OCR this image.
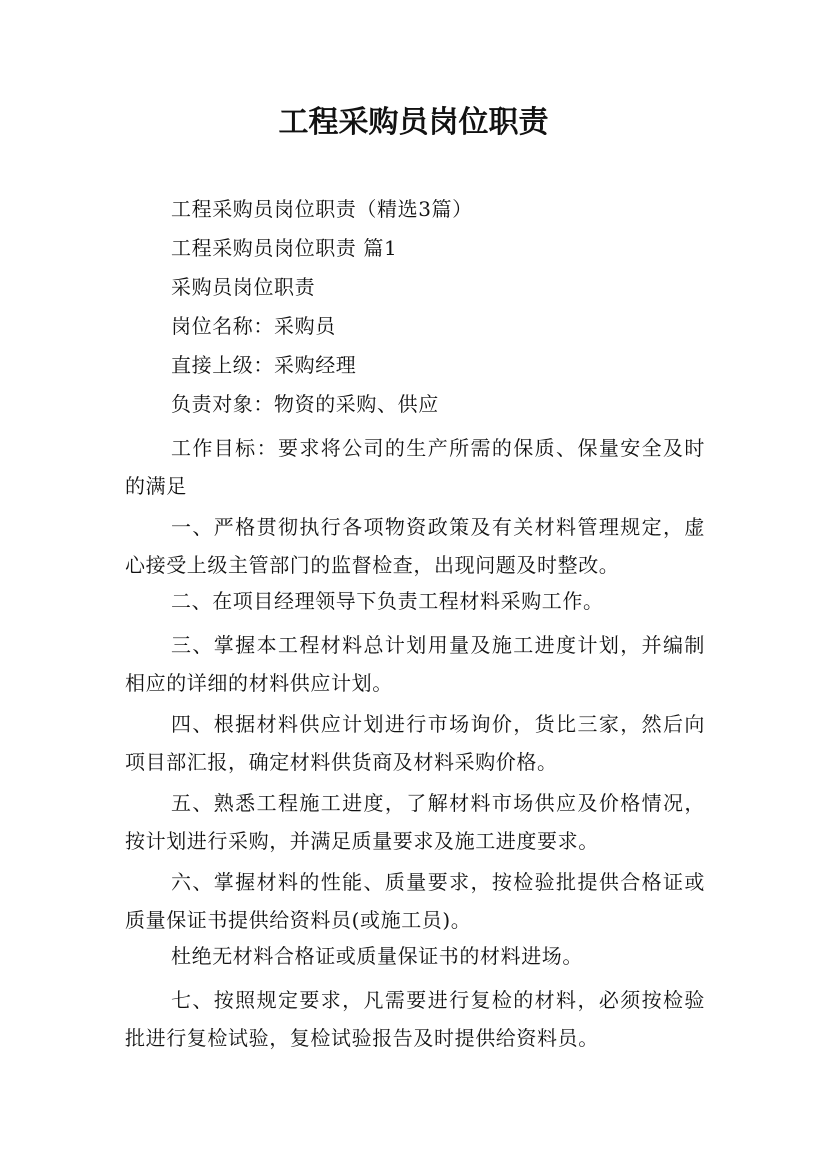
工程采购员岗位职责

工程采购员岗位职责（精选3篇）

工程采购员岗位职责 篇1

采购员岗位职责

岗位名称：采购员

直接上级：采购经理

负责对象：物资的采购、供应

工作目标：要求将公司的生产所需的保质、保量安全及时的满足

一、严格贯彻执行各项物资政策及有关材料管理规定，虚心接受上级主管部门的监督检查，出现问题及时整改。

二、在项目经理领导下负责工程材料采购工作。

三、掌握本工程材料总计划用量及施工进度计划，并编制相应的详细的材料供应计划。

四、根据材料供应计划进行市场询价，货比三家，然后向项目部汇报，确定材料供货商及材料采购价格。

五、熟悉工程施工进度，了解材料市场供应及价格情况，按计划进行采购，并满足质量要求及施工进度要求。

六、掌握材料的性能、质量要求，按检验批提供合格证或质量保证书提供给资料员(或施工员)。

杜绝无材料合格证或质量保证书的材料进场。

七、按照规定要求，凡需要进行复检的材料，必须按检验批进行复检试验，复检试验报告及时提供给资料员。
